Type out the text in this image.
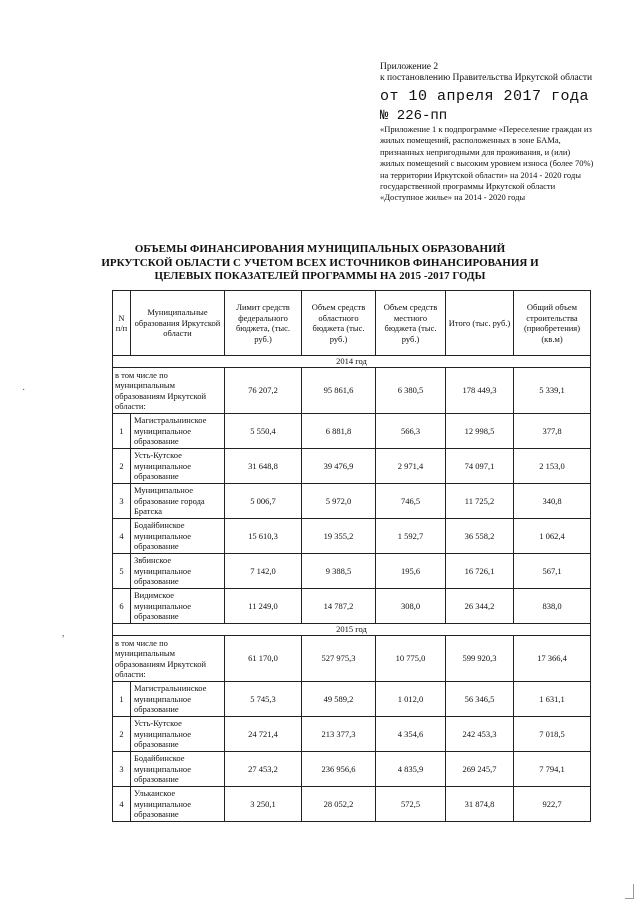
Приложение 2
к постановлению Правительства Иркутской области
от 10 апреля 2017 года
№ 226-пп
«Приложение 1 к подпрограмме «Переселение граждан из жилых помещений, расположенных в зоне БАМа, признанных непригодными для проживания, и (или) жилых помещений с высоким уровнем износа (более 70%) на территории Иркутской области» на 2014 - 2020 годы государственной программы Иркутской области «Доступное жилье» на 2014 - 2020 годы
ОБЪЕМЫ ФИНАНСИРОВАНИЯ МУНИЦИПАЛЬНЫХ ОБРАЗОВАНИЙ ИРКУТСКОЙ ОБЛАСТИ С УЧЕТОМ ВСЕХ ИСТОЧНИКОВ ФИНАНСИРОВАНИЯ И ЦЕЛЕВЫХ ПОКАЗАТЕЛЕЙ ПРОГРАММЫ НА 2015 -2017 ГОДЫ
·
,
N п/п	Муниципальные образования Иркутской области	Лимит средств федерального бюджета, (тыс. руб.)	Объем средств областного бюджета (тыс. руб.)	Объем средств местного бюджета (тыс. руб.)	Итого (тыс. руб.)	Общий объем строительства (приобретения) (кв.м)
2014 год						
в том числе по муниципальным образованиям Иркутской области:		76 207,2	95 861,6	6 380,5	178 449,3	5 339,1
1	Магистральнинское муниципальное образование	5 550,4	6 881,8	566,3	12 998,5	377,8
2	Усть-Кутское муниципальное образование	31 648,8	39 476,9	2 971,4	74 097,1	2 153,0
3	Муниципальное образование города Братска	5 006,7	5 972,0	746,5	11 725,2	340,8
4	Бодайбинское муниципальное образование	15 610,3	19 355,2	1 592,7	36 558,2	1 062,4
5	Звбинское муниципальное образование	7 142,0	9 388,5	195,6	16 726,1	567,1
6	Видимское муниципальное образование	11 249,0	14 787,2	308,0	26 344,2	838,0
2015 год						
в том числе по муниципальным образованиям Иркутской области:		61 170,0	527 975,3	10 775,0	599 920,3	17 366,4
1	Магистральнинское муниципальное образование	5 745,3	49 589,2	1 012,0	56 346,5	1 631,1
2	Усть-Кутское муниципальное образование	24 721,4	213 377,3	4 354,6	242 453,3	7 018,5
3	Бодайбинское муниципальное образование	27 453,2	236 956,6	4 835,9	269 245,7	7 794,1
4	Улькаиское муниципальное образование	3 250,1	28 052,2	572,5	31 874,8	922,7
